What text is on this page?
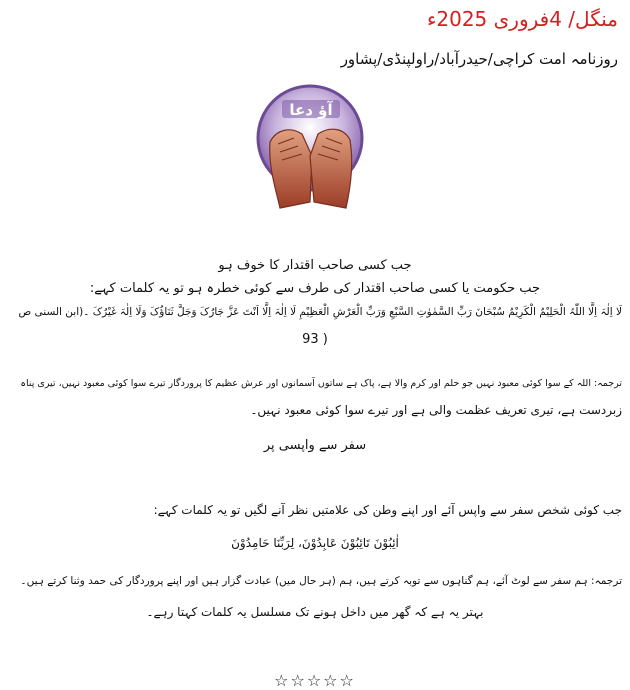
منگل/ 4فروری 2025ء
روزنامہ امت کراچی/حیدرآباد/راولپنڈی/پشاور
آؤ دعا
جب کسی صاحب اقتدار کا خوف ہو
جب حکومت یا کسی صاحب اقتدار کی طرف سے کوئی خطرہ ہو تو یہ کلمات کہے:
لَا اِلٰہَ اِلَّا اللّٰہُ الْحَلِیْمُ الْکَرِیْمُ سُبْحَانَ رَبِّ السَّمٰوٰتِ السَّبْعِ وَرَبِّ الْعَرْشِ الْعَظِیْمِ لَا اِلٰہَ اِلَّا اَنْتَ عَزَّ جَارُکَ وَجَلَّ ثَنَاؤُکَ وَلَا اِلٰہَ غَیْرُکَ ۔(ابن السنی ص
93 )
ترجمہ: اللہ کے سوا کوئی معبود نہیں جو حلم اور کرم والا ہے، پاک ہے ساتوں آسمانوں اور عرش عظیم کا پروردگار تیرے سوا کوئی معبود نہیں، تیری پناہ
زبردست ہے، تیری تعریف عظمت والی ہے اور تیرے سوا کوئی معبود نہیں۔
سفر سے واپسی پر
جب کوئی شخص سفر سے واپس آئے اور اپنے وطن کی علامتیں نظر آنے لگیں تو یہ کلمات کہے:
اٰئِبُوْنَ تَائِبُوْنَ عَابِدُوْنَ، لِرَبِّنَا حَامِدُوْنَ
ترجمہ: ہم سفر سے لوٹ آئے، ہم گناہوں سے توبہ کرتے ہیں، ہم (ہر حال میں) عبادت گزار ہیں اور اپنے پروردگار کی حمد وثنا کرتے ہیں۔
بہتر یہ ہے کہ گھر میں داخل ہونے تک مسلسل یہ کلمات کہتا رہے۔
☆☆☆☆☆
